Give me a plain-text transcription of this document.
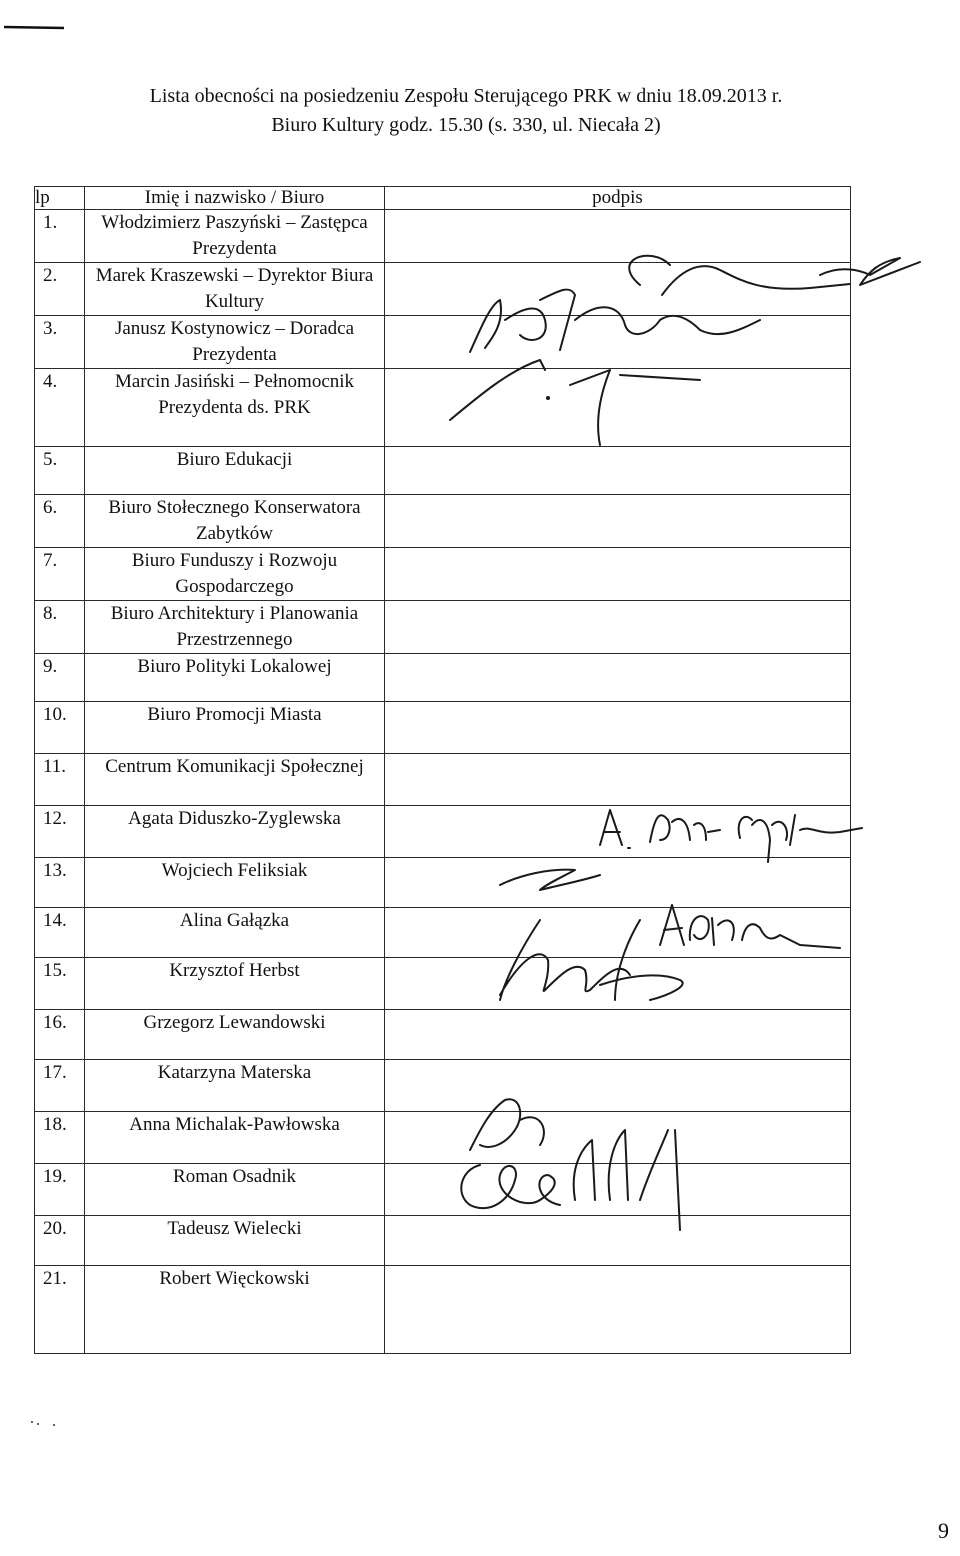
Lista obecności na posiedzeniu Zespołu Sterującego PRK w dniu 18.09.2013 r.
Biuro Kultury godz. 15.30 (s. 330, ul. Niecała 2)
lp	Imię i nazwisko / Biuro	podpis
1.	Włodzimierz Paszyński – Zastępca Prezydenta	
2.	Marek Kraszewski – Dyrektor Biura Kultury	
3.	Janusz Kostynowicz – Doradca Prezydenta	
4.	Marcin Jasiński – Pełnomocnik Prezydenta ds. PRK	
5.	Biuro Edukacji	
6.	Biuro Stołecznego Konserwatora Zabytków	
7.	Biuro Funduszy i Rozwoju Gospodarczego	
8.	Biuro Architektury i Planowania Przestrzennego	
9.	Biuro Polityki Lokalowej	
10.	Biuro Promocji Miasta	
11.	Centrum Komunikacji Społecznej	
12.	Agata Diduszko-Zyglewska	
13.	Wojciech Feliksiak	
14.	Alina Gałązka	
15.	Krzysztof Herbst	
16.	Grzegorz Lewandowski	
17.	Katarzyna Materska	
18.	Anna Michalak-Pawłowska	
19.	Roman Osadnik	
20.	Tadeusz Wielecki	
21.	Robert Więckowski	
9
